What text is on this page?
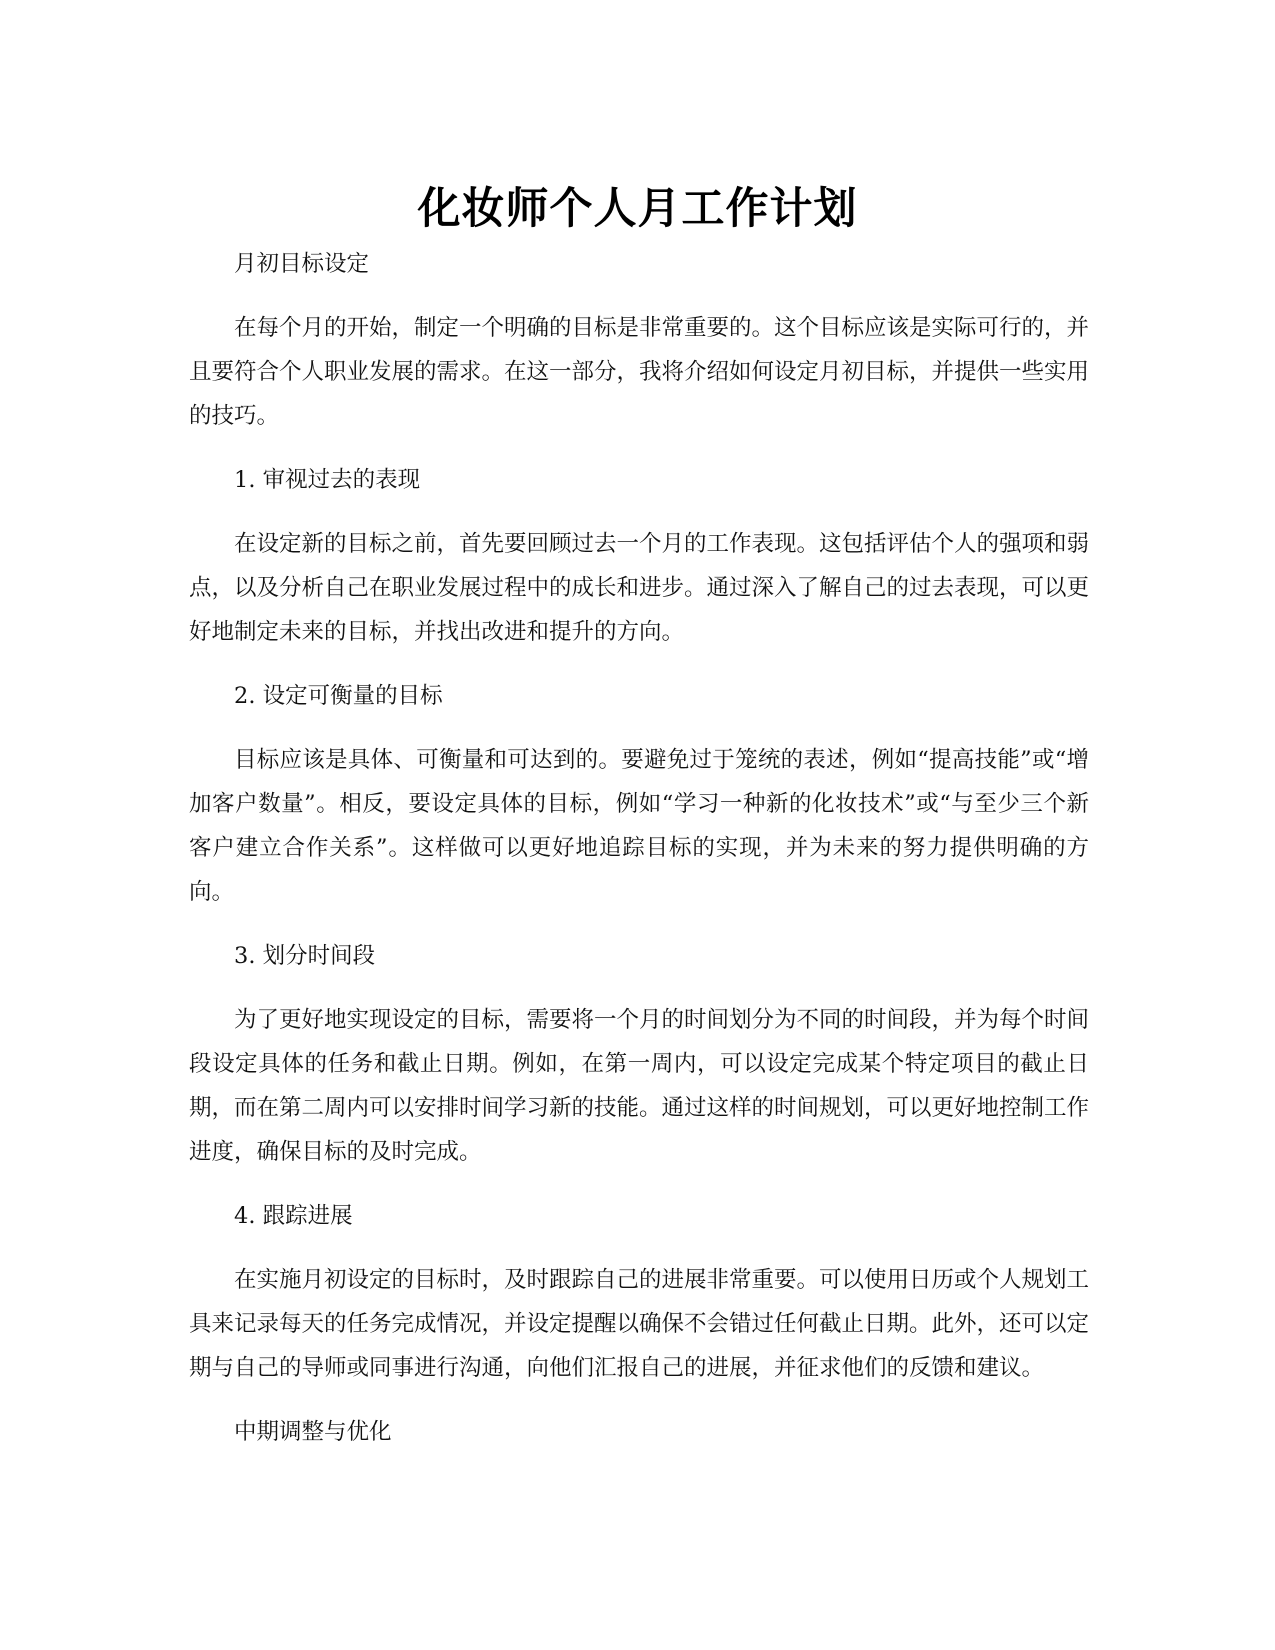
化妆师个人月工作计划

月初目标设定

在每个月的开始，制定一个明确的目标是非常重要的。这个目标应该是实际可行的，并且要符合个人职业发展的需求。在这一部分，我将介绍如何设定月初目标，并提供一些实用的技巧。

1. 审视过去的表现

在设定新的目标之前，首先要回顾过去一个月的工作表现。这包括评估个人的强项和弱点，以及分析自己在职业发展过程中的成长和进步。通过深入了解自己的过去表现，可以更好地制定未来的目标，并找出改进和提升的方向。

2. 设定可衡量的目标

目标应该是具体、可衡量和可达到的。要避免过于笼统的表述，例如“提高技能”或“增加客户数量”。相反，要设定具体的目标，例如“学习一种新的化妆技术”或“与至少三个新客户建立合作关系”。这样做可以更好地追踪目标的实现，并为未来的努力提供明确的方向。

3. 划分时间段

为了更好地实现设定的目标，需要将一个月的时间划分为不同的时间段，并为每个时间段设定具体的任务和截止日期。例如，在第一周内，可以设定完成某个特定项目的截止日期，而在第二周内可以安排时间学习新的技能。通过这样的时间规划，可以更好地控制工作进度，确保目标的及时完成。

4. 跟踪进展

在实施月初设定的目标时，及时跟踪自己的进展非常重要。可以使用日历或个人规划工具来记录每天的任务完成情况，并设定提醒以确保不会错过任何截止日期。此外，还可以定期与自己的导师或同事进行沟通，向他们汇报自己的进展，并征求他们的反馈和建议。

中期调整与优化
